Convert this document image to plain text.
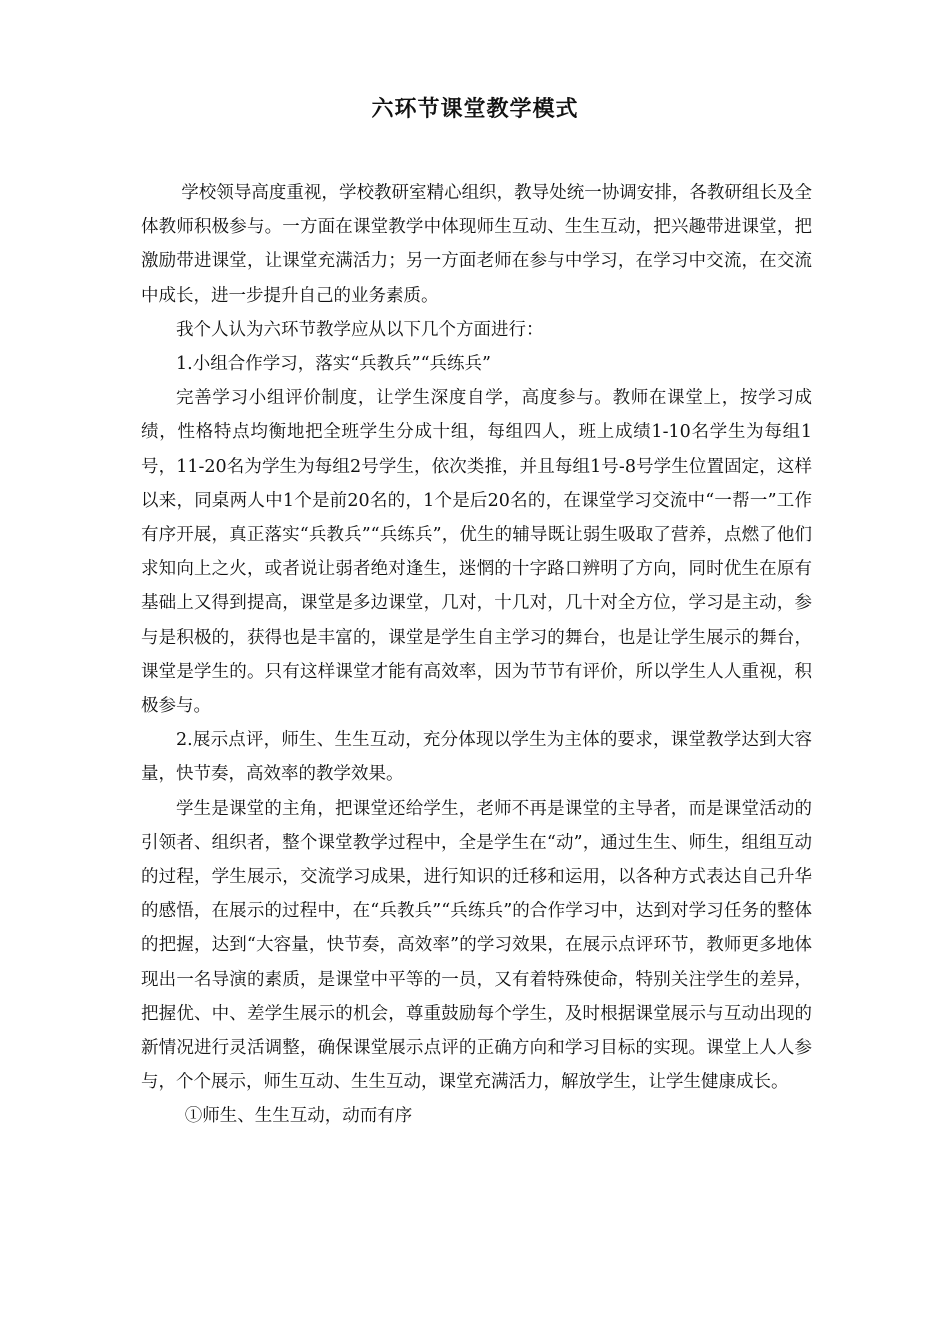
六环节课堂教学模式

学校领导高度重视，学校教研室精心组织，教导处统一协调安排，各教研组长及全体教师积极参与。一方面在课堂教学中体现师生互动、生生互动，把兴趣带进课堂，把激励带进课堂，让课堂充满活力；另一方面老师在参与中学习，在学习中交流，在交流中成长，进一步提升自己的业务素质。

我个人认为六环节教学应从以下几个方面进行：

1.小组合作学习，落实“兵教兵”“兵练兵”

完善学习小组评价制度，让学生深度自学，高度参与。教师在课堂上，按学习成绩，性格特点均衡地把全班学生分成十组，每组四人，班上成绩1-10名学生为每组1号，11-20名为学生为每组2号学生，依次类推，并且每组1号-8号学生位置固定，这样以来，同桌两人中1个是前20名的，1个是后20名的，在课堂学习交流中“一帮一”工作有序开展，真正落实“兵教兵”“兵练兵”，优生的辅导既让弱生吸取了营养，点燃了他们求知向上之火，或者说让弱者绝对逢生，迷惘的十字路口辨明了方向，同时优生在原有基础上又得到提高，课堂是多边课堂，几对，十几对，几十对全方位，学习是主动，参与是积极的，获得也是丰富的，课堂是学生自主学习的舞台，也是让学生展示的舞台，课堂是学生的。只有这样课堂才能有高效率，因为节节有评价，所以学生人人重视，积极参与。

2.展示点评，师生、生生互动，充分体现以学生为主体的要求，课堂教学达到大容量，快节奏，高效率的教学效果。

学生是课堂的主角，把课堂还给学生，老师不再是课堂的主导者，而是课堂活动的引领者、组织者，整个课堂教学过程中，全是学生在“动”，通过生生、师生，组组互动的过程，学生展示，交流学习成果，进行知识的迁移和运用，以各种方式表达自己升华的感悟，在展示的过程中，在“兵教兵”“兵练兵”的合作学习中，达到对学习任务的整体的把握，达到“大容量，快节奏，高效率”的学习效果，在展示点评环节，教师更多地体现出一名导演的素质，是课堂中平等的一员，又有着特殊使命，特别关注学生的差异，把握优、中、差学生展示的机会，尊重鼓励每个学生，及时根据课堂展示与互动出现的新情况进行灵活调整，确保课堂展示点评的正确方向和学习目标的实现。课堂上人人参与，个个展示，师生互动、生生互动，课堂充满活力，解放学生，让学生健康成长。

①师生、生生互动，动而有序
